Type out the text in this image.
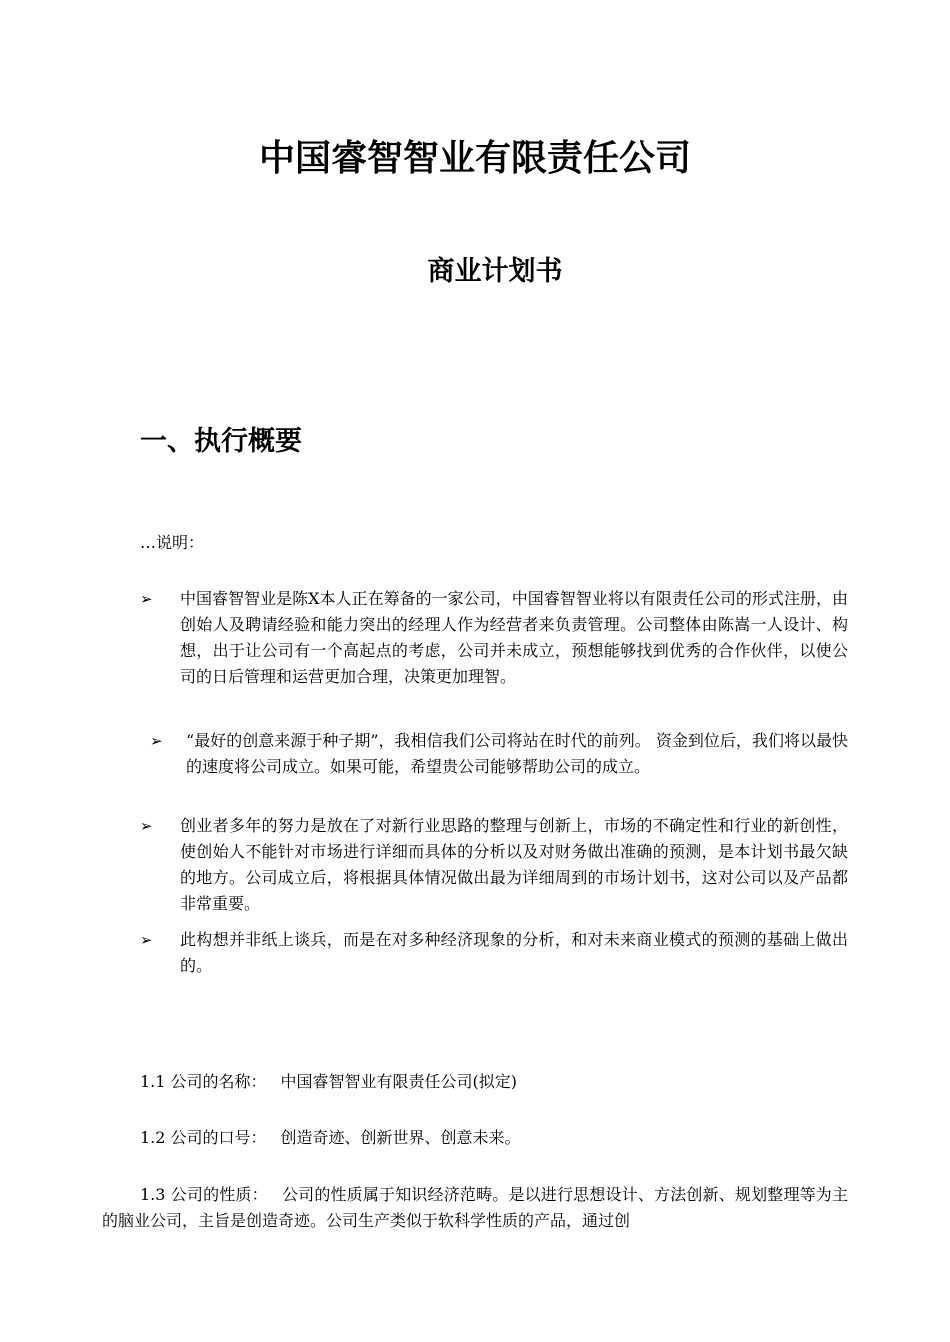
中国睿智智业有限责任公司
商业计划书
一、执行概要
…说明：
➢ 中国睿智智业是陈X本人正在筹备的一家公司，中国睿智智业将以有限责任公司的形式注册，由创始人及聘请经验和能力突出的经理人作为经营者来负责管理。公司整体由陈嵩一人设计、构想，出于让公司有一个高起点的考虑，公司并未成立，预想能够找到优秀的合作伙伴，以使公司的日后管理和运营更加合理，决策更加理智。
➢ “最好的创意来源于种子期”，我相信我们公司将站在时代的前列。 资金到位后，我们将以最快的速度将公司成立。如果可能，希望贵公司能够帮助公司的成立。
➢ 创业者多年的努力是放在了对新行业思路的整理与创新上，市场的不确定性和行业的新创性，使创始人不能针对市场进行详细而具体的分析以及对财务做出准确的预测，是本计划书最欠缺的地方。公司成立后，将根据具体情况做出最为详细周到的市场计划书，这对公司以及产品都非常重要。
➢ 此构想并非纸上谈兵，而是在对多种经济现象的分析，和对未来商业模式的预测的基础上做出的。
1.1 公司的名称： 中国睿智智业有限责任公司(拟定)
1.2 公司的口号： 创造奇迹、创新世界、创意未来。
1.3 公司的性质： 公司的性质属于知识经济范畴。是以进行思想设计、方法创新、规划整理等为主的脑业公司，主旨是创造奇迹。公司生产类似于软科学性质的产品，通过创
